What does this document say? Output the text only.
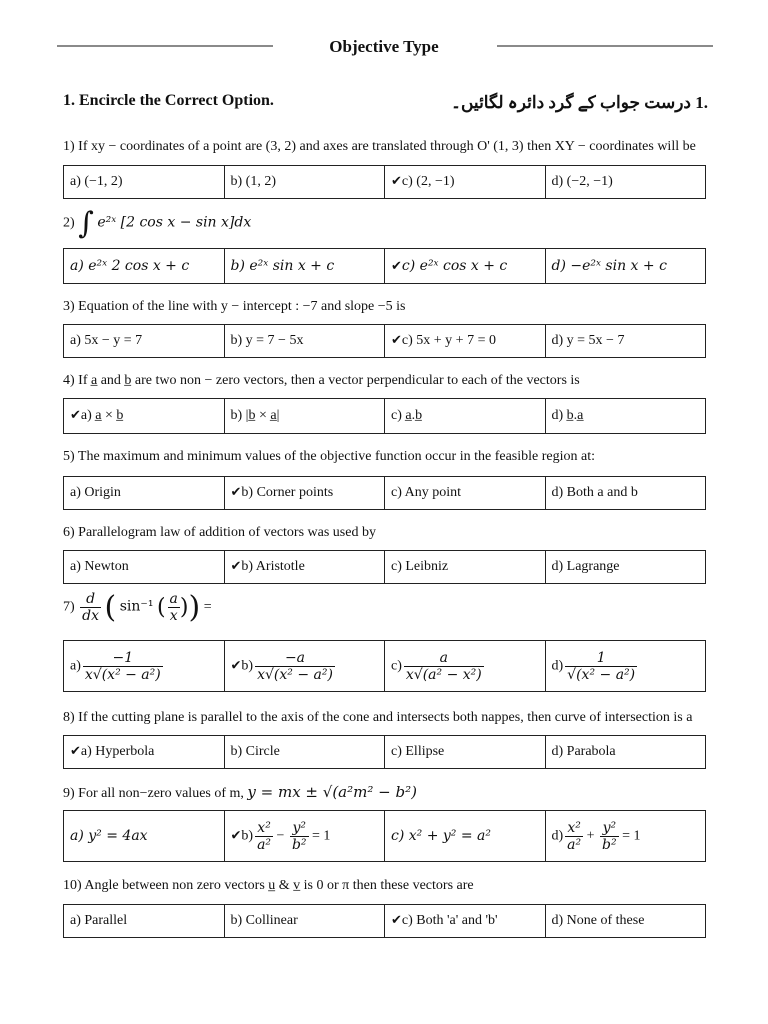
Objective Type
1. Encircle the Correct Option.	.1 درست جواب کے گرد دائرہ لگائیں۔
1) If xy − coordinates of a point are (3, 2) and axes are translated through O' (1, 3) then XY − coordinates will be
a) (−1, 2)	b) (1, 2)	✔c) (2, −1)	d) (−2, −1)
2) ∫ e²ˣ [2 cos x − sin x]dx
a) e²ˣ 2 cos x + c	b) e²ˣ sin x + c	✔c) e²ˣ cos x + c	d) −e²ˣ sin x + c
3) Equation of the line with y − intercept : −7 and slope −5 is
a) 5x − y = 7	b) y = 7 − 5x	✔c) 5x + y + 7 = 0	d) y = 5x − 7
4) If a̲ and b̲ are two non − zero vectors, then a vector perpendicular to each of the vectors is
✔a) a̲ × b̲	b) |b̲ × a̲|	c) a̲.b̲	d) b̲.a̲
5) The maximum and minimum values of the objective function occur in the feasible region at:
a) Origin	✔b) Corner points	c) Any point	d) Both a and b
6) Parallelogram law of addition of vectors was used by
a) Newton	✔b) Aristotle	c) Leibniz	d) Lagrange
$7) \frac{d}{dx}$ ( sin⁻¹ ( $\frac{a}{x}$ )) =
$a) \frac{-1}{\text{x√(x² − a²)}}$	✔b) $\frac{-a}{\text{x√(x² − a²)}}$	$c) \frac{a}{\text{x√(a² − x²)}}$	$d) \frac{1}{\text{√(x² − a²)}}$
8) If the cutting plane is parallel to the axis of the cone and intersects both nappes, then curve of intersection is a
✔a) Hyperbola	b) Circle	c) Ellipse	d) Parabola
9) For all non−zero values of m, y = mx ± √(a²m² − b²)
a) y² = 4ax	✔b) $\frac{\text{x²}}{\text{a²}} - \frac{\text{y²}}{\text{b²}} = 1$	c) x² + y² = a²	$d) \frac{\text{x²}}{\text{a²}} + \frac{\text{y²}}{\text{b²}} = 1$
10) Angle between non zero vectors u̲ & v̲ is 0 or π then these vectors are
a) Parallel	b) Collinear	✔c) Both 'a' and 'b'	d) None of these
